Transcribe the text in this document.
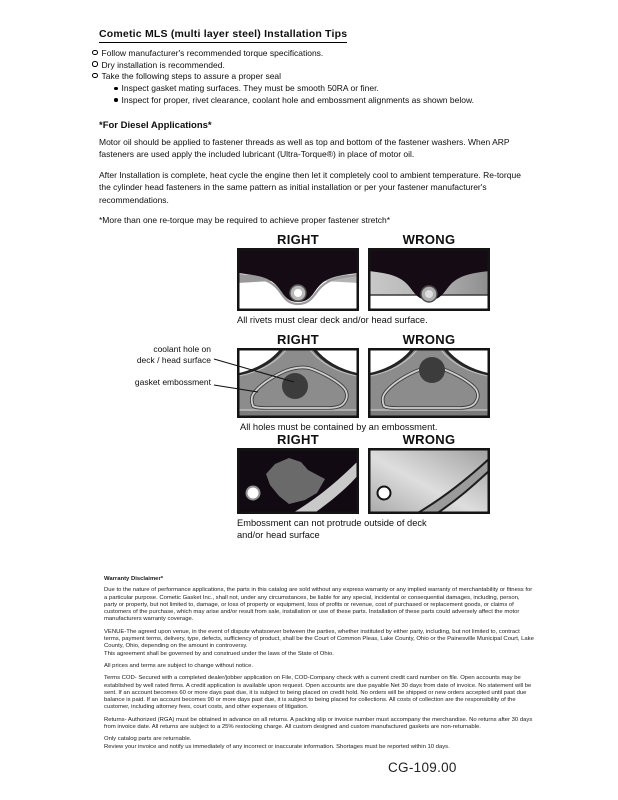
Cometic MLS (multi layer steel) Installation Tips
Follow manufacturer's recommended torque specifications.
Dry installation is recommended.
Take the following steps to assure a proper seal
Inspect gasket mating surfaces. They must be smooth 50RA or finer.
Inspect for proper, rivet clearance, coolant hole and embossment alignments as shown below.
*For Diesel Applications*

Motor oil should be applied to fastener threads as well as top and bottom of the fastener washers. When ARP fasteners are used apply the included lubricant (Ultra-Torque®) in place of motor oil.

After Installation is complete, heat cycle the engine then let it completely cool to ambient temperature. Re-torque the cylinder head fasteners in the same pattern as initial installation or per your fastener manufacturer's recommendations.

*More than one re-torque may be required to achieve proper fastener stretch*

RIGHT	WRONG
All rivets must clear deck and/or head surface.
RIGHT	WRONG
All holes must be contained by an embossment.
coolant hole on
deck / head surface
gasket embossment
RIGHT	WRONG
Embossment can not protrude outside of deck
and/or head surface
Warranty Disclaimer*
Due to the nature of performance applications, the parts in this catalog are sold without any express warranty or any implied warranty of merchantability or fitness for a particular purpose. Cometic Gasket Inc., shall not, under any circumstances, be liable for any special, incidental or consequential damages, including, person, party or property, but not limited to, damage, or loss of property or equipment, loss of profits or revenue, cost of purchased or replacement goods, or claims of customers of the purchase, which may arise and/or result from sale, installation or use of these parts. Installation of these parts could adversely affect the motor manufacturers warranty coverage.
VENUE-The agreed upon venue, in the event of dispute whatsoever between the parties, whether instituted by either party, including, but not limited to, contract terms, payment terms, delivery, type, defects, sufficiency of product, shall be the Court of Common Pleas, Lake County, Ohio or the Painesville Municipal Court, Lake County, Ohio, depending on the amount in controversy.
This agreement shall be governed by and construed under the laws of the State of Ohio.
All prices and terms are subject to change without notice.
Terms COD- Secured with a completed dealer/jobber application on File, COD-Company check with a current credit card number on file. Open accounts may be established by well rated firms. A credit application is available upon request. Open accounts are due payable Net 30 days from date of invoice. No statement will be sent. If an account becomes 60 or more days past due, it is subject to being placed on credit hold. No orders will be shipped or new orders accepted until past due balance is paid. If an account becomes 90 or more days past due, it is subject to being placed for collections. All costs of collection are the responsibility of the customer, including attorney fees, court costs, and other expenses of litigation.
Returns- Authorized (RGA) must be obtained in advance on all returns. A packing slip or invoice number must accompany the merchandise. No returns after 30 days from invoice date. All returns are subject to a 25% restocking charge. All custom designed and custom manufactured gaskets are non-returnable.
Only catalog parts are returnable.
Review your invoice and notify us immediately of any incorrect or inaccurate information. Shortages must be reported within 10 days.
CG-109.00
